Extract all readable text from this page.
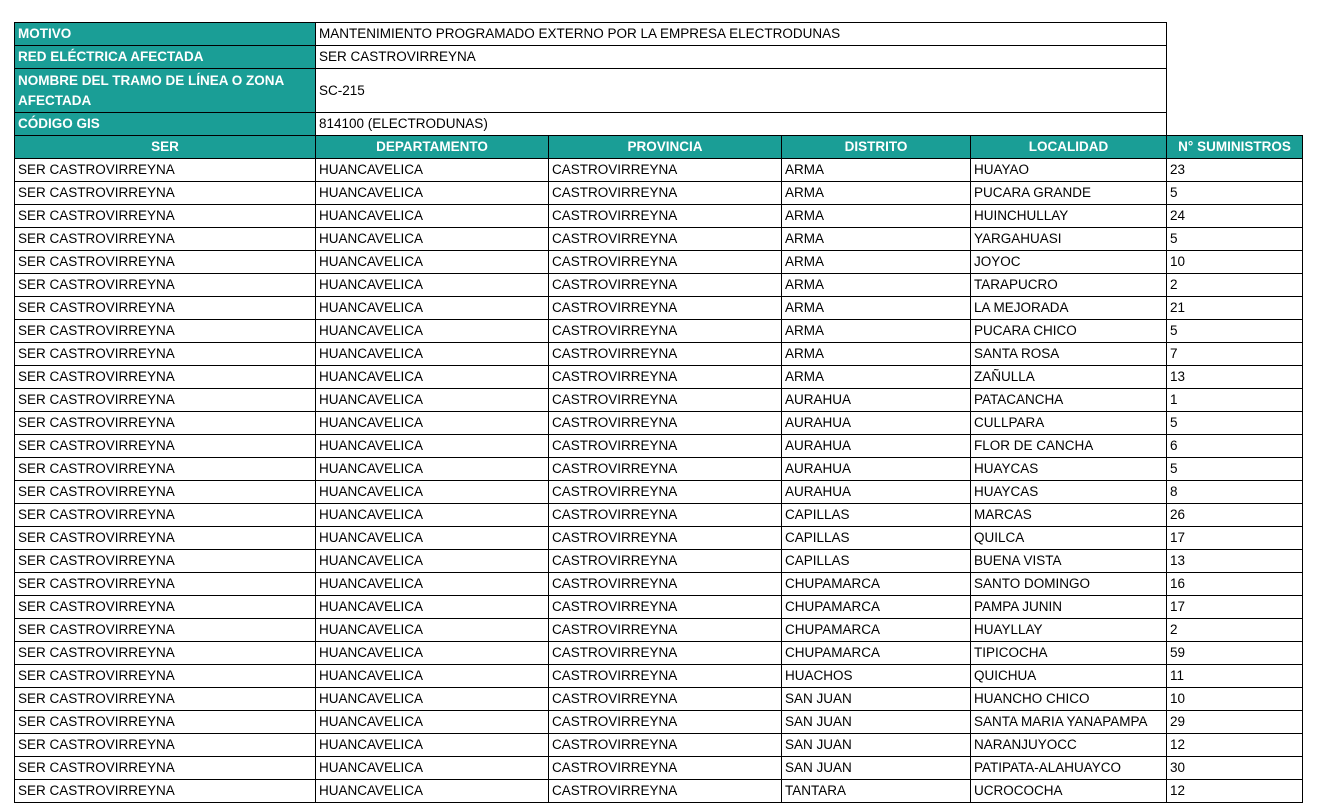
MOTIVO	MANTENIMIENTO PROGRAMADO EXTERNO POR LA EMPRESA ELECTRODUNAS				
RED ELÉCTRICA AFECTADA	SER CASTROVIRREYNA				
NOMBRE DEL TRAMO DE LÍNEA O ZONA AFECTADA	SC-215				
CÓDIGO GIS	814100 (ELECTRODUNAS)				
SER	DEPARTAMENTO	PROVINCIA	DISTRITO	LOCALIDAD	N° SUMINISTROS
SER CASTROVIRREYNA	HUANCAVELICA	CASTROVIRREYNA	ARMA	HUAYAO	23
SER CASTROVIRREYNA	HUANCAVELICA	CASTROVIRREYNA	ARMA	PUCARA GRANDE	5
SER CASTROVIRREYNA	HUANCAVELICA	CASTROVIRREYNA	ARMA	HUINCHULLAY	24
SER CASTROVIRREYNA	HUANCAVELICA	CASTROVIRREYNA	ARMA	YARGAHUASI	5
SER CASTROVIRREYNA	HUANCAVELICA	CASTROVIRREYNA	ARMA	JOYOC	10
SER CASTROVIRREYNA	HUANCAVELICA	CASTROVIRREYNA	ARMA	TARAPUCRO	2
SER CASTROVIRREYNA	HUANCAVELICA	CASTROVIRREYNA	ARMA	LA MEJORADA	21
SER CASTROVIRREYNA	HUANCAVELICA	CASTROVIRREYNA	ARMA	PUCARA CHICO	5
SER CASTROVIRREYNA	HUANCAVELICA	CASTROVIRREYNA	ARMA	SANTA ROSA	7
SER CASTROVIRREYNA	HUANCAVELICA	CASTROVIRREYNA	ARMA	ZAÑULLA	13
SER CASTROVIRREYNA	HUANCAVELICA	CASTROVIRREYNA	AURAHUA	PATACANCHA	1
SER CASTROVIRREYNA	HUANCAVELICA	CASTROVIRREYNA	AURAHUA	CULLPARA	5
SER CASTROVIRREYNA	HUANCAVELICA	CASTROVIRREYNA	AURAHUA	FLOR DE CANCHA	6
SER CASTROVIRREYNA	HUANCAVELICA	CASTROVIRREYNA	AURAHUA	HUAYCAS	5
SER CASTROVIRREYNA	HUANCAVELICA	CASTROVIRREYNA	AURAHUA	HUAYCAS	8
SER CASTROVIRREYNA	HUANCAVELICA	CASTROVIRREYNA	CAPILLAS	MARCAS	26
SER CASTROVIRREYNA	HUANCAVELICA	CASTROVIRREYNA	CAPILLAS	QUILCA	17
SER CASTROVIRREYNA	HUANCAVELICA	CASTROVIRREYNA	CAPILLAS	BUENA VISTA	13
SER CASTROVIRREYNA	HUANCAVELICA	CASTROVIRREYNA	CHUPAMARCA	SANTO DOMINGO	16
SER CASTROVIRREYNA	HUANCAVELICA	CASTROVIRREYNA	CHUPAMARCA	PAMPA JUNIN	17
SER CASTROVIRREYNA	HUANCAVELICA	CASTROVIRREYNA	CHUPAMARCA	HUAYLLAY	2
SER CASTROVIRREYNA	HUANCAVELICA	CASTROVIRREYNA	CHUPAMARCA	TIPICOCHA	59
SER CASTROVIRREYNA	HUANCAVELICA	CASTROVIRREYNA	HUACHOS	QUICHUA	11
SER CASTROVIRREYNA	HUANCAVELICA	CASTROVIRREYNA	SAN JUAN	HUANCHO CHICO	10
SER CASTROVIRREYNA	HUANCAVELICA	CASTROVIRREYNA	SAN JUAN	SANTA MARIA YANAPAMPA	29
SER CASTROVIRREYNA	HUANCAVELICA	CASTROVIRREYNA	SAN JUAN	NARANJUYOCC	12
SER CASTROVIRREYNA	HUANCAVELICA	CASTROVIRREYNA	SAN JUAN	PATIPATA-ALAHUAYCO	30
SER CASTROVIRREYNA	HUANCAVELICA	CASTROVIRREYNA	TANTARA	UCROCOCHA	12
